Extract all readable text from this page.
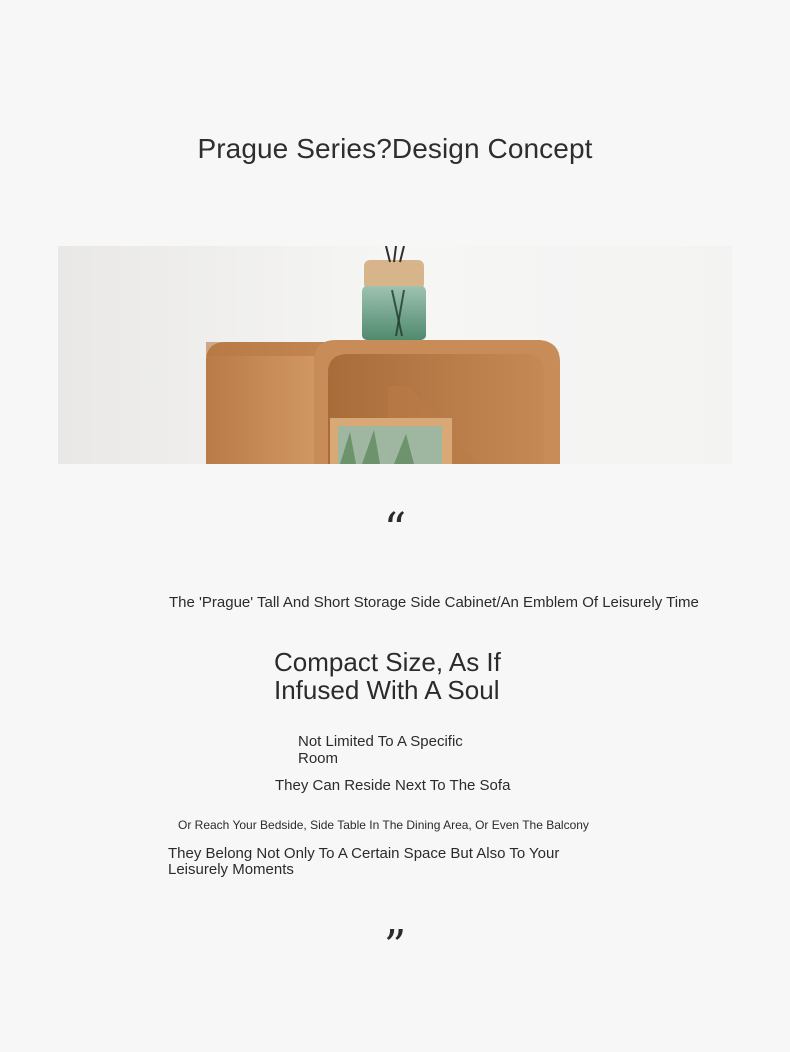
Prague Series?Design Concept
“
The 'Prague' Tall And Short Storage Side Cabinet/An Emblem Of Leisurely Time
Compact Size, As If Infused With A Soul
Not Limited To A Specific Room
They Can Reside Next To The Sofa
Or Reach Your Bedside, Side Table In The Dining Area, Or Even The Balcony
They Belong Not Only To A Certain Space But Also To Your Leisurely Moments
”
